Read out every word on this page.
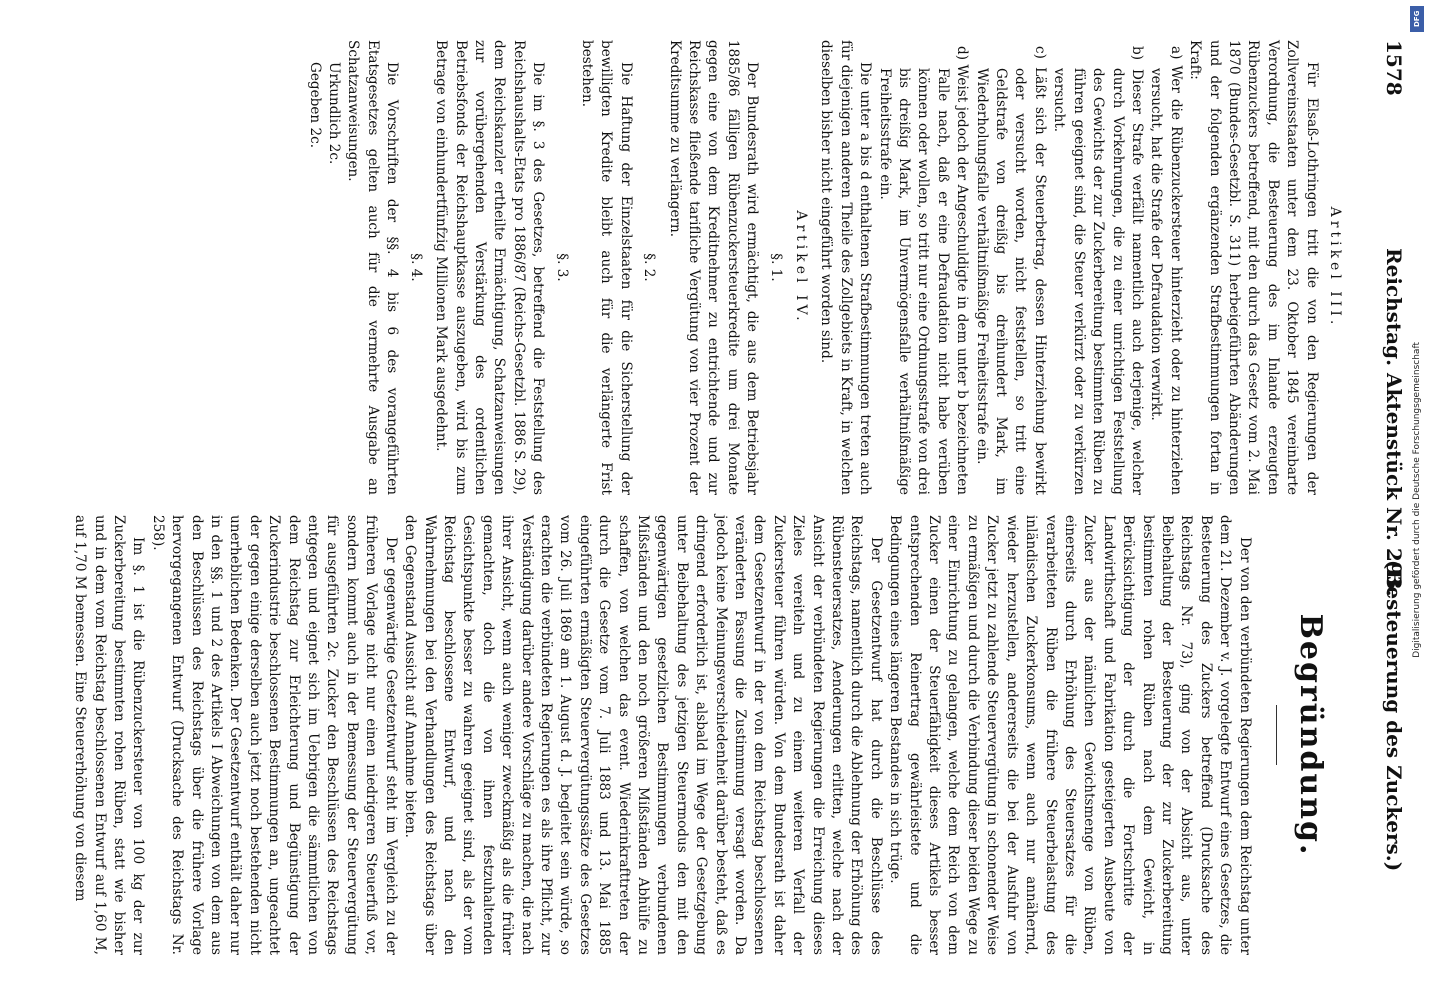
1578
Reichstag. Aktenstück Nr. 293.
(Besteuerung des Zuckers.)

Artikel III.

Für Elsaß-Lothringen tritt die von den Regierungen der Zollvereinsstaaten unter dem 23. Oktober 1845 vereinbarte Verordnung, die Besteuerung des im Inlande erzeugten Rübenzuckers betreffend, mit den durch das Gesetz vom 2. Mai 1870 (Bundes-Gesetzbl. S. 311) herbeigeführten Abänderungen und der folgenden ergänzenden Strafbestimmungen fortan in Kraft:

a) Wer die Rübenzuckersteuer hinterzieht oder zu hinterziehen versucht, hat die Strafe der Defraudation verwirkt.

b) Dieser Strafe verfällt namentlich auch derjenige, welcher durch Vorkehrungen, die zu einer unrichtigen Feststellung des Gewichts der zur Zuckerbereitung bestimmten Rüben zu führen geeignet sind, die Steuer verkürzt oder zu verkürzen versucht.

c) Läßt sich der Steuerbetrag, dessen Hinterziehung bewirkt oder versucht worden, nicht feststellen, so tritt eine Geldstrafe von dreißig bis dreihundert Mark, im Wiederholungsfalle verhältnißmäßige Freiheitsstrafe ein.

d) Weist jedoch der Angeschuldigte in dem unter b bezeichneten Falle nach, daß er eine Defraudation nicht habe verüben können oder wollen, so tritt nur eine Ordnungsstrafe von drei bis dreißig Mark, im Unvermögensfalle verhältnißmäßige Freiheitsstrafe ein.

Die unter a bis d enthaltenen Strafbestimmungen treten auch für diejenigen anderen Theile des Zollgebiets in Kraft, in welchen dieselben bisher nicht eingeführt worden sind.

Artikel IV.

§. 1.

Der Bundesrath wird ermächtigt, die aus dem Betriebsjahr 1885/86 fälligen Rübenzuckersteuerkredite um drei Monate gegen eine von dem Kreditnehmer zu entrichtende und zur Reichskasse fließende tarifliche Vergütung von vier Prozent der Kreditsumme zu verlängern.

§. 2.

Die Haftung der Einzelstaaten für die Sicherstellung der bewilligten Kredite bleibt auch für die verlängerte Frist bestehen.

§. 3.

Die im §. 3 des Gesetzes, betreffend die Feststellung des Reichshaushalts-Etats pro 1886/87 (Reichs-Gesetzbl. 1886 S. 29), dem Reichskanzler ertheilte Ermächtigung, Schatzanweisungen zur vorübergehenden Verstärkung des ordentlichen Betriebsfonds der Reichshauptkasse auszugeben, wird bis zum Betrage von einhundertfünfzig Millionen Mark ausgedehnt.

§. 4.

Die Vorschriften der §§. 4 bis 6 des vorangeführten Etatsgesetzes gelten auch für die vermehrte Ausgabe an Schatzanweisungen.

Urkundlich 2c.

Gegeben 2c.

Begründung.

Der von den verbündeten Regierungen dem Reichstag unter dem 21. Dezember v. J. vorgelegte Entwurf eines Gesetzes, die Besteuerung des Zuckers betreffend (Drucksache des Reichstags Nr. 73), ging von der Absicht aus, unter Beibehaltung der Besteuerung der zur Zuckerbereitung bestimmten rohen Rüben nach dem Gewicht, in Berücksichtigung der durch die Fortschritte der Landwirthschaft und Fabrikation gesteigerten Ausbeute von Zucker aus der nämlichen Gewichtsmenge von Rüben, einerseits durch Erhöhung des Steuersatzes für die verarbeiteten Rüben die frühere Steuerbelastung des inländischen Zuckerkonsums, wenn auch nur annähernd, wieder herzustellen, andererseits die bei der Ausfuhr von Zucker jetzt zu zahlende Steuervergütung in schonender Weise zu ermäßigen und durch die Verbindung dieser beiden Wege zu einer Einrichtung zu gelangen, welche dem Reich von dem Zucker einen der Steuerfähigkeit dieses Artikels besser entsprechenden Reinertrag gewährleistete und die Bedingungen eines längeren Bestandes in sich trüge.

Der Gesetzentwurf hat durch die Beschlüsse des Reichstags, namentlich durch die Ablehnung der Erhöhung des Rübensteuersatzes, Aenderungen erlitten, welche nach der Ansicht der verbündeten Regierungen die Erreichung dieses Zieles vereiteln und zu einem weiteren Verfall der Zuckersteuer führen würden. Von dem Bundesrath ist daher dem Gesetzentwurf in der von dem Reichstag beschlossenen veränderten Fassung die Zustimmung versagt worden. Da jedoch keine Meinungsverschiedenheit darüber besteht, daß es dringend erforderlich ist, alsbald im Wege der Gesetzgebung unter Beibehaltung des jetzigen Steuermodus den mit den gegenwärtigen gesetzlichen Bestimmungen verbundenen Mißständen und den noch größeren Mißständen Abhülfe zu schaffen, von welchen das event. Wiederinkrafttreten der durch die Gesetze vom 7. Juli 1883 und 13. Mai 1885 eingeführten ermäßigten Steuervergütungssätze des Gesetzes vom 26. Juli 1869 am 1. August d. J. begleitet sein würde, so erachten die verbündeten Regierungen es als ihre Pflicht, zur Verständigung darüber andere Vorschläge zu machen, die nach ihrer Ansicht, wenn auch weniger zweckmäßig als die früher gemachten, doch die von ihnen festzuhaltenden Gesichtspunkte besser zu wahren geeignet sind, als der vom Reichstag beschlossene Entwurf, und nach den Wahrnehmungen bei den Verhandlungen des Reichstags über den Gegenstand Aussicht auf Annahme bieten.

Der gegenwärtige Gesetzentwurf steht im Vergleich zu der früheren Vorlage nicht nur einen niedrigeren Steuerfuß vor, sondern kommt auch in der Bemessung der Steuervergütung für ausgeführten 2c. Zucker den Beschlüssen des Reichstags entgegen und eignet sich im Uebrigen die sämmtlichen von dem Reichstag zur Erleichterung und Begünstigung der Zuckerindustrie beschlossenen Bestimmungen an, ungeachtet der gegen einige derselben auch jetzt noch bestehenden nicht unerheblichen Bedenken. Der Gesetzentwurf enthält daher nur in den §§. 1 und 2 des Artikels I Abweichungen von dem aus den Beschlüssen des Reichstags über die frühere Vorlage hervorgegangenen Entwurf (Drucksache des Reichstags Nr. 258).

Im §. 1 ist die Rübenzuckersteuer von 100 kg der zur Zuckerbereitung bestimmten rohen Rüben, statt wie bisher und in dem vom Reichstag beschlossenen Entwurf auf 1,60 M, auf 1,70 M bemessen. Eine Steuererhöhung von diesem

DFG
Digitalisierung gefördert durch die Deutsche Forschungsgemeinschaft
